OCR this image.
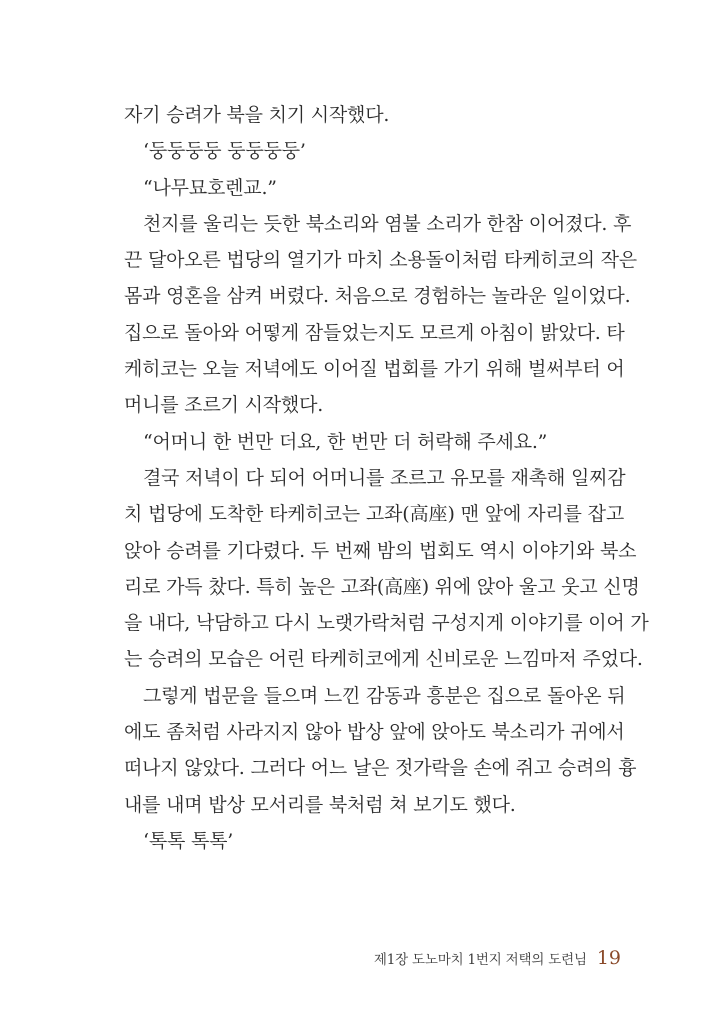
자기 승려가 북을 치기 시작했다.
‘둥둥둥둥 둥둥둥둥’
“나무묘호렌교.”
천지를 울리는 듯한 북소리와 염불 소리가 한참 이어졌다. 후
끈 달아오른 법당의 열기가 마치 소용돌이처럼 타케히코의 작은
몸과 영혼을 삼켜 버렸다. 처음으로 경험하는 놀라운 일이었다.
집으로 돌아와 어떻게 잠들었는지도 모르게 아침이 밝았다. 타
케히코는 오늘 저녁에도 이어질 법회를 가기 위해 벌써부터 어
머니를 조르기 시작했다.
“어머니 한 번만 더요, 한 번만 더 허락해 주세요.”
결국 저녁이 다 되어 어머니를 조르고 유모를 재촉해 일찌감
치 법당에 도착한 타케히코는 고좌(高座) 맨 앞에 자리를 잡고
앉아 승려를 기다렸다. 두 번째 밤의 법회도 역시 이야기와 북소
리로 가득 찼다. 특히 높은 고좌(高座) 위에 앉아 울고 웃고 신명
을 내다, 낙담하고 다시 노랫가락처럼 구성지게 이야기를 이어 가
는 승려의 모습은 어린 타케히코에게 신비로운 느낌마저 주었다.
그렇게 법문을 들으며 느낀 감동과 흥분은 집으로 돌아온 뒤
에도 좀처럼 사라지지 않아 밥상 앞에 앉아도 북소리가 귀에서
떠나지 않았다. 그러다 어느 날은 젓가락을 손에 쥐고 승려의 흉
내를 내며 밥상 모서리를 북처럼 쳐 보기도 했다.
‘톡톡 톡톡’
제1장 도노마치 1번지 저택의 도련님 19
